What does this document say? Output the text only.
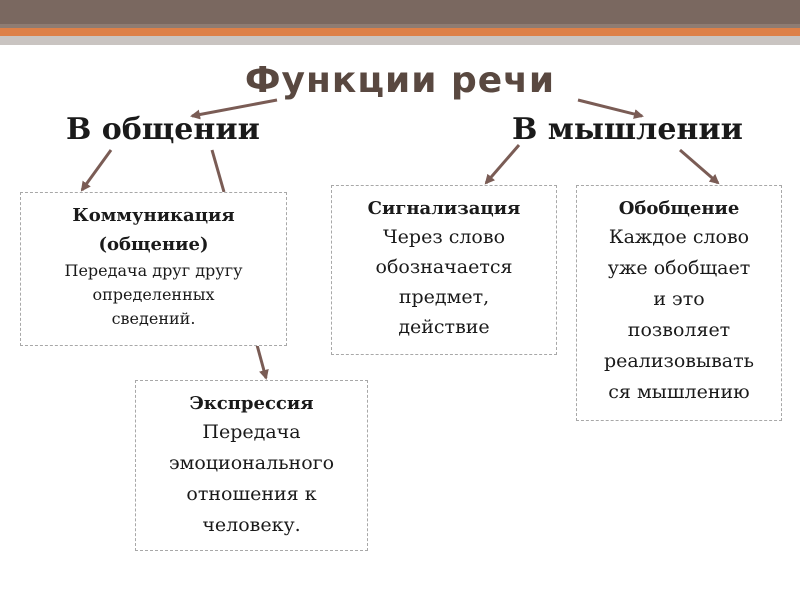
Функции речи
В общении	В мышлении
Коммуникация
(общение)
Передача друг другу
определенных
сведений.
Экспрессия
Передача
эмоционального
отношения к
человеку.
Сигнализация
Через слово
обозначается
предмет,
действие
Обобщение
Каждое слово
уже обобщает
и это
позволяет
реализовывать
ся мышлению
